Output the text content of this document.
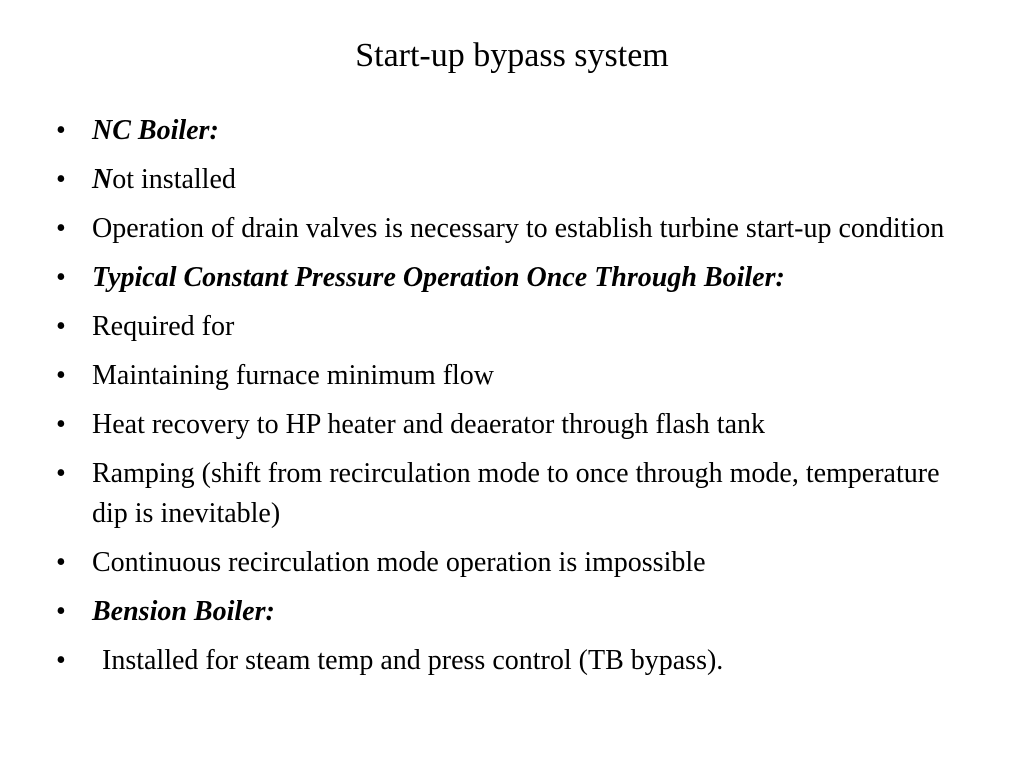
Start-up bypass system
• NC Boiler:
• Not installed
• Operation of drain valves is necessary to establish turbine start-up condition
• Typical Constant Pressure Operation Once Through Boiler:
• Required for
• Maintaining furnace minimum flow
• Heat recovery to HP heater and deaerator through flash tank
• Ramping (shift from recirculation mode to once through mode, temperature dip is inevitable)
• Continuous recirculation mode operation is impossible
• Bension Boiler:
•	Installed for steam temp and press control (TB bypass).
